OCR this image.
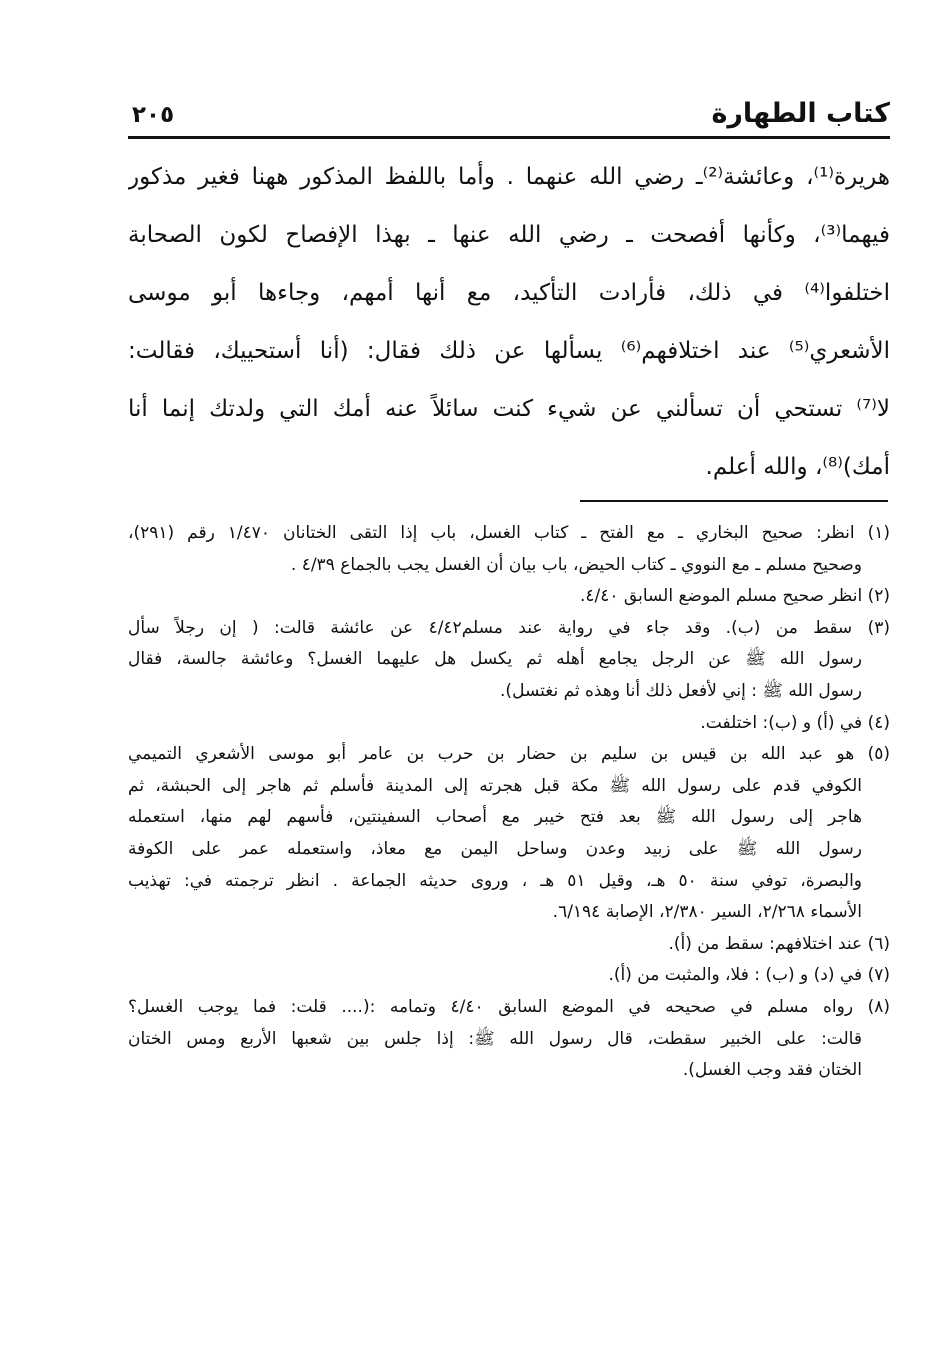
كتاب الطهارة
٢٠٥
هريرة⁽¹⁾، وعائشة⁽²⁾ـ رضي الله عنهما . وأما باللفظ المذكور ههنا فغير مذكور
فيهما⁽³⁾، وكأنها أفصحت ـ رضي الله عنها ـ بهذا الإفصاح لكون الصحابة
اختلفوا⁽⁴⁾ في ذلك، فأرادت التأكيد، مع أنها أمهم، وجاءها أبو موسى
الأشعري⁽⁵⁾ عند اختلافهم⁽⁶⁾ يسألها عن ذلك فقال: (أنا أستحييك، فقالت:
لا⁽⁷⁾ تستحي أن تسألني عن شيء كنت سائلاً عنه أمك التي ولدتك إنما أنا
أمك)⁽⁸⁾، والله أعلم.
(١) انظر: صحيح البخاري ـ مع الفتح ـ كتاب الغسل، باب إذا التقى الختانان ١/٤٧٠ رقم (٢٩١)،
وصحيح مسلم ـ مع النووي ـ كتاب الحيض، باب بيان أن الغسل يجب بالجماع ٤/٣٩ .
(٢) انظر صحيح مسلم الموضع السابق ٤/٤٠.
(٣) سقط من (ب). وقد جاء في رواية عند مسلم٤/٤٢ عن عائشة قالت: ( إن رجلاً سأل
رسول الله ﷺ عن الرجل يجامع أهله ثم يكسل هل عليهما الغسل؟ وعائشة جالسة، فقال
رسول الله ﷺ : إني لأفعل ذلك أنا وهذه ثم نغتسل).
(٤) في (أ) و (ب): اختلفت.
(٥) هو عبد الله بن قيس بن سليم بن حضار بن حرب بن عامر أبو موسى الأشعري التميمي
الكوفي قدم على رسول الله ﷺ مكة قبل هجرته إلى المدينة فأسلم ثم هاجر إلى الحبشة، ثم
هاجر إلى رسول الله ﷺ بعد فتح خيبر مع أصحاب السفينتين، فأسهم لهم منها، استعمله
رسول الله ﷺ على زبيد وعدن وساحل اليمن مع معاذ، واستعمله عمر على الكوفة
والبصرة، توفي سنة ٥٠ هـ، وقيل ٥١ هـ ، وروى حديثه الجماعة . انظر ترجمته في: تهذيب
الأسماء ٢/٢٦٨، السير ٢/٣٨٠، الإصابة ٦/١٩٤.
(٦) عند اختلافهم: سقط من (أ).
(٧) في (د) و (ب) : فلا، والمثبت من (أ).
(٨) رواه مسلم في صحيحه في الموضع السابق ٤/٤٠ وتمامه :(.... قلت: فما يوجب الغسل؟
قالت: على الخبير سقطت، قال رسول الله ﷺ: إذا جلس بين شعبها الأربع ومس الختان
الختان فقد وجب الغسل).
